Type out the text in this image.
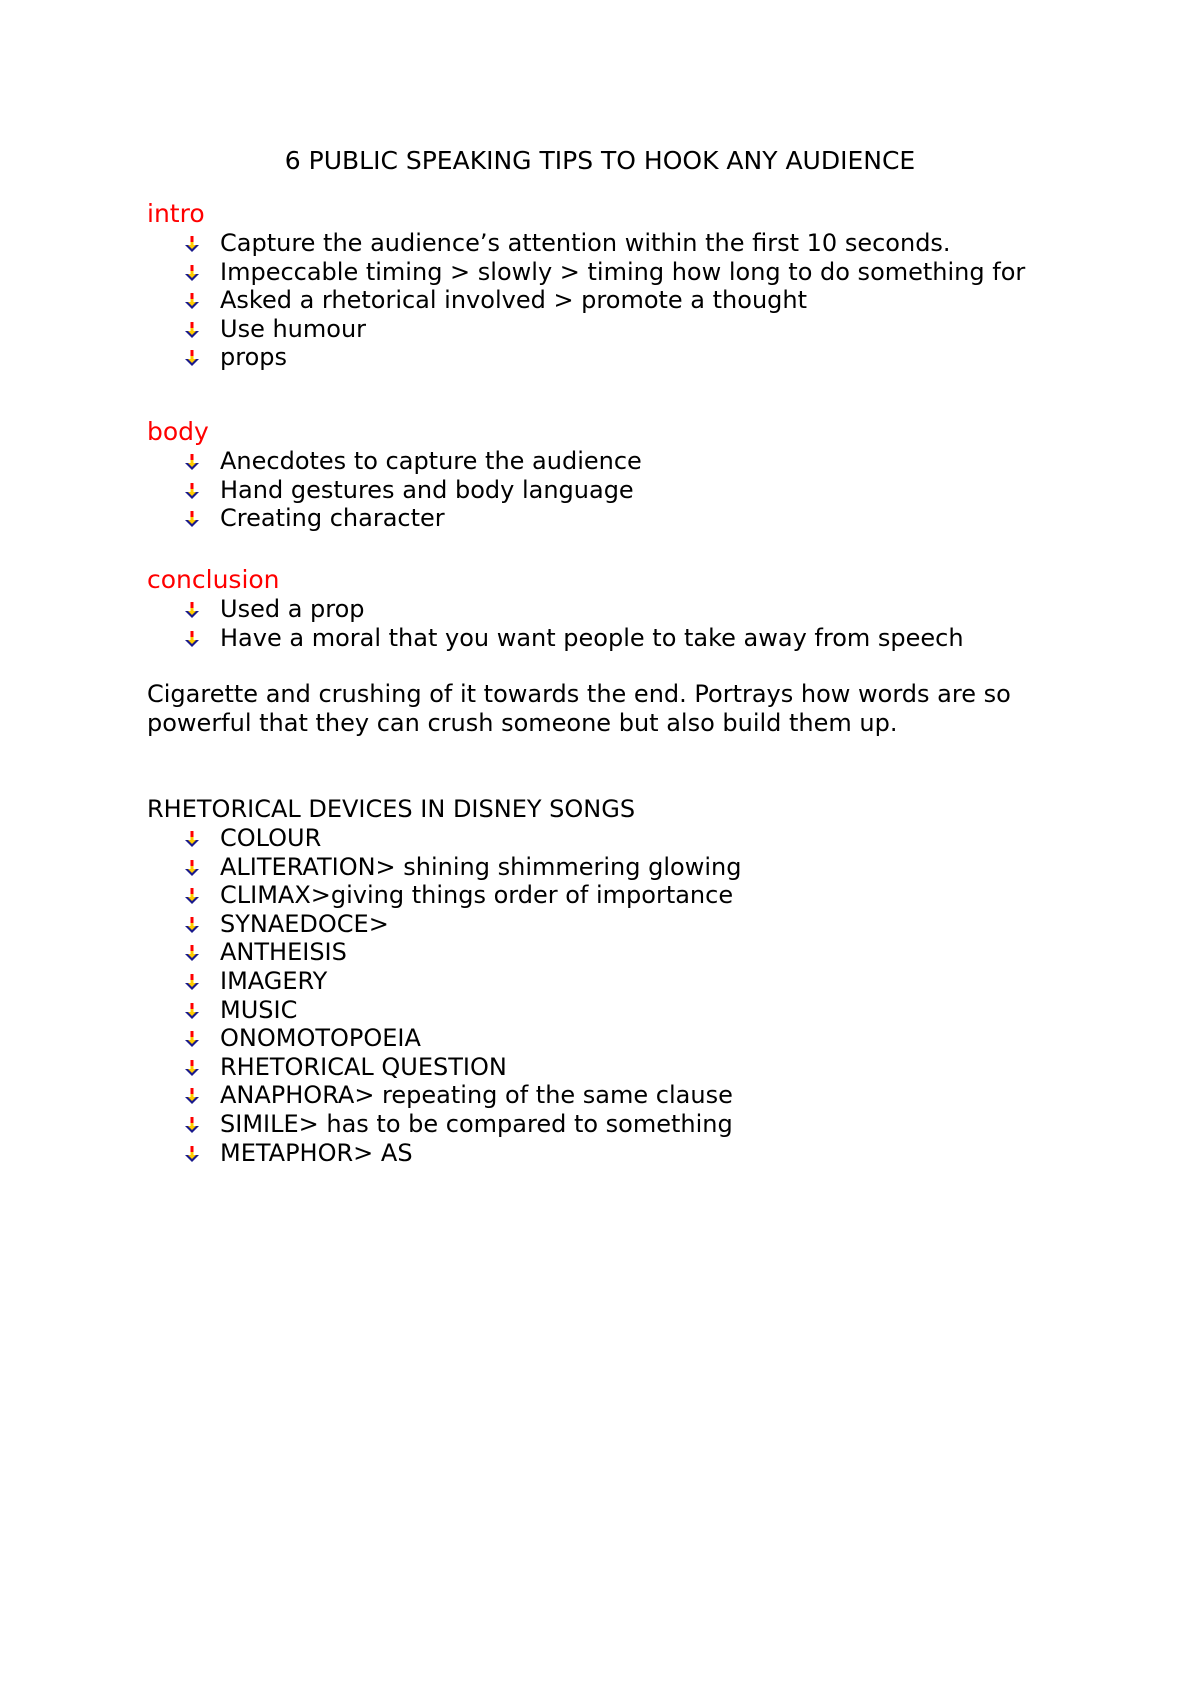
6 PUBLIC SPEAKING TIPS TO HOOK ANY AUDIENCE
intro
Capture the audience’s attention within the first 10 seconds.
Impeccable timing > slowly > timing how long to do something for
Asked a rhetorical involved > promote a thought
Use humour
props
body
Anecdotes to capture the audience
Hand gestures and body language
Creating character
conclusion
Used a prop
Have a moral that you want people to take away from speech
Cigarette and crushing of it towards the end. Portrays how words are so
powerful that they can crush someone but also build them up.
RHETORICAL DEVICES IN DISNEY SONGS
COLOUR
ALITERATION> shining shimmering glowing
CLIMAX>giving things order of importance
SYNAEDOCE>
ANTHEISIS
IMAGERY
MUSIC
ONOMOTOPOEIA
RHETORICAL QUESTION
ANAPHORA> repeating of the same clause
SIMILE> has to be compared to something
METAPHOR> AS
